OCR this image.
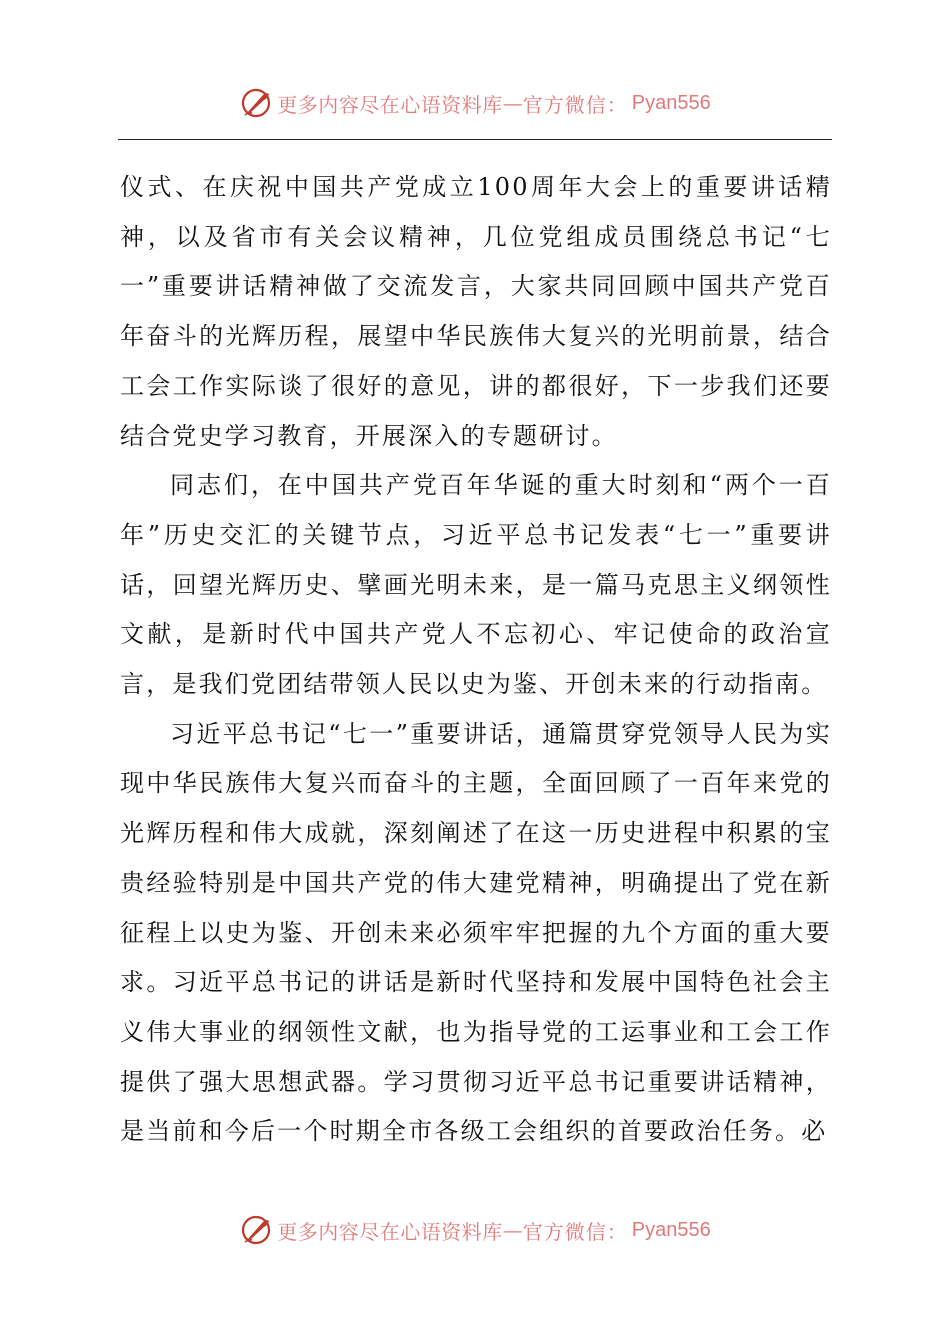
更多内容尽在心语资料库 — 官方微信： Pyan556

仪式、在庆祝中国共产党成立100周年大会上的重要讲话精神，以及省市有关会议精神，几位党组成员围绕总书记“七一”重要讲话精神做了交流发言，大家共同回顾中国共产党百年奋斗的光辉历程，展望中华民族伟大复兴的光明前景，结合工会工作实际谈了很好的意见，讲的都很好，下一步我们还要结合党史学习教育，开展深入的专题研讨。

同志们，在中国共产党百年华诞的重大时刻和“两个一百年”历史交汇的关键节点，习近平总书记发表“七一”重要讲话，回望光辉历史、擘画光明未来，是一篇马克思主义纲领性文献，是新时代中国共产党人不忘初心、牢记使命的政治宣言，是我们党团结带领人民以史为鉴、开创未来的行动指南。

习近平总书记“七一”重要讲话，通篇贯穿党领导人民为实现中华民族伟大复兴而奋斗的主题，全面回顾了一百年来党的光辉历程和伟大成就，深刻阐述了在这一历史进程中积累的宝贵经验特别是中国共产党的伟大建党精神，明确提出了党在新征程上以史为鉴、开创未来必须牢牢把握的九个方面的重大要求。习近平总书记的讲话是新时代坚持和发展中国特色社会主义伟大事业的纲领性文献，也为指导党的工运事业和工会工作提供了强大思想武器。学习贯彻习近平总书记重要讲话精神，是当前和今后一个时期全市各级工会组织的首要政治任务。必

更多内容尽在心语资料库 — 官方微信： Pyan556
